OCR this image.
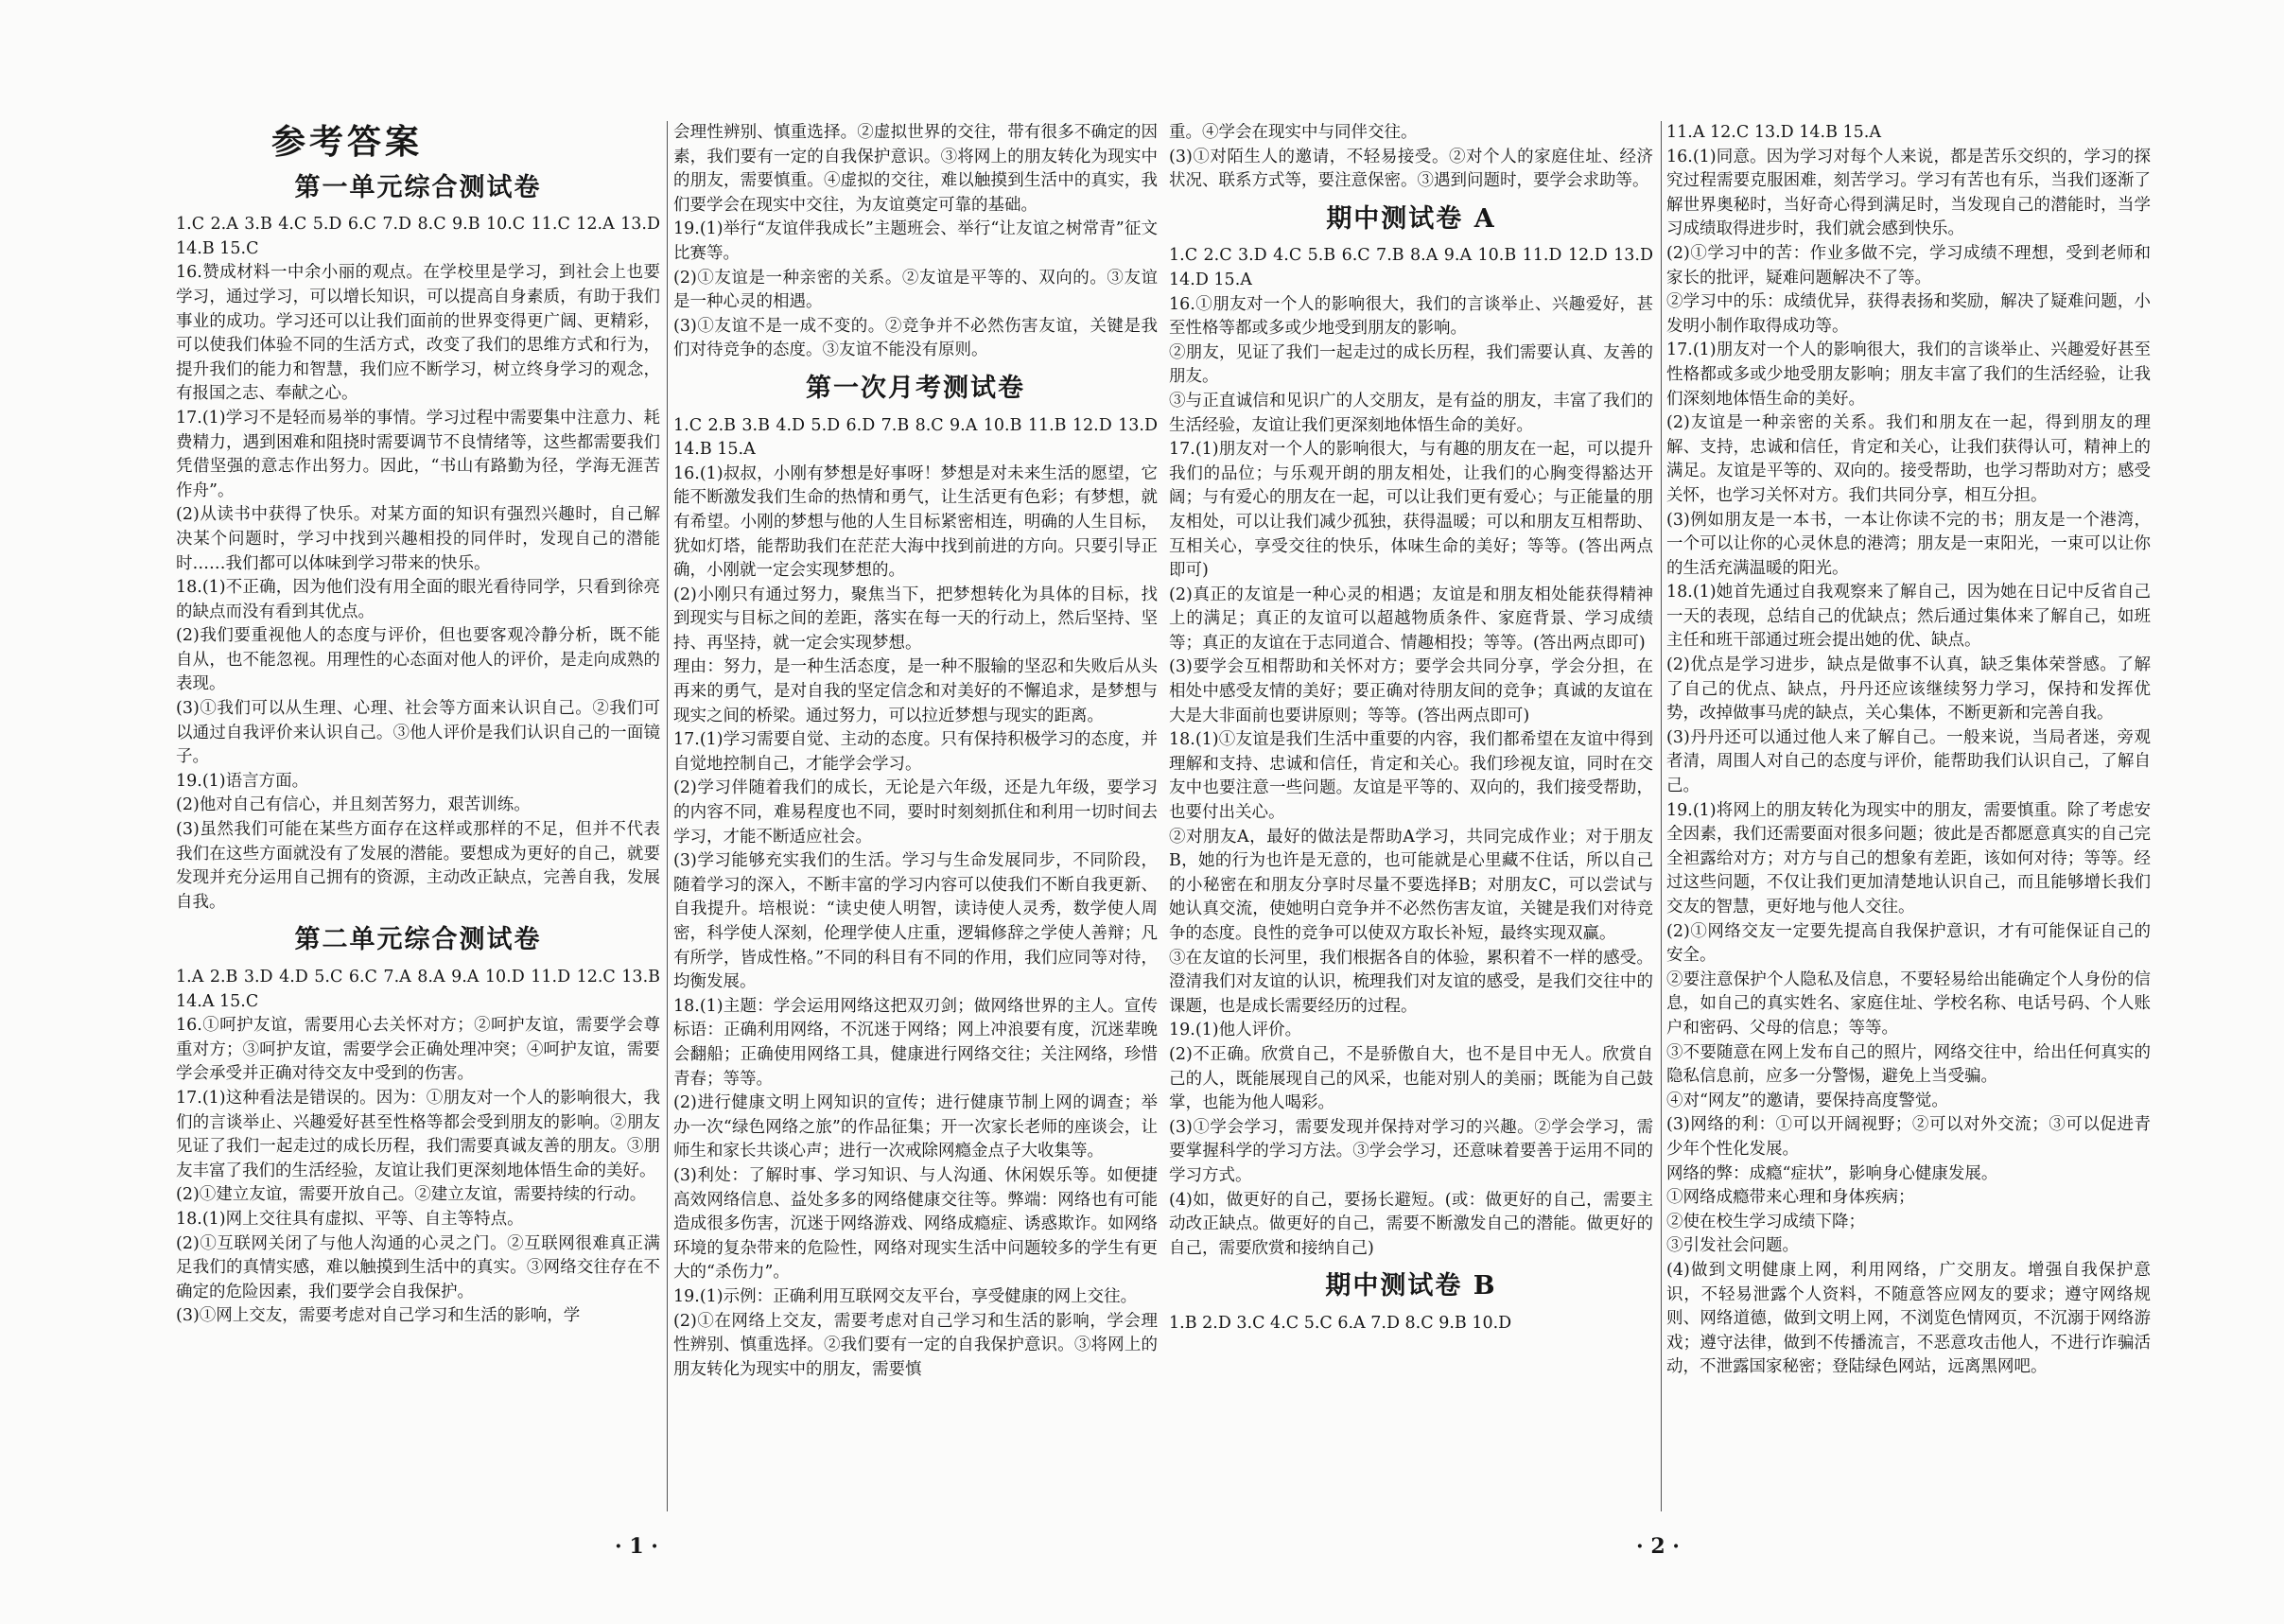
参考答案
第一单元综合测试卷
1.C 2.A 3.B 4.C 5.D 6.C 7.D 8.C 9.B 10.C 11.C 12.A 13.D 14.B 15.C
16.赞成材料一中余小丽的观点。在学校里是学习，到社会上也要学习，通过学习，可以增长知识，可以提高自身素质，有助于我们事业的成功。学习还可以让我们面前的世界变得更广阔、更精彩，可以使我们体验不同的生活方式，改变了我们的思维方式和行为，提升我们的能力和智慧，我们应不断学习，树立终身学习的观念，有报国之志、奉献之心。
17.(1)学习不是轻而易举的事情。学习过程中需要集中注意力、耗费精力，遇到困难和阻挠时需要调节不良情绪等，这些都需要我们凭借坚强的意志作出努力。因此，“书山有路勤为径，学海无涯苦作舟”。
(2)从读书中获得了快乐。对某方面的知识有强烈兴趣时，自己解决某个问题时，学习中找到兴趣相投的同伴时，发现自己的潜能时……我们都可以体味到学习带来的快乐。
18.(1)不正确，因为他们没有用全面的眼光看待同学，只看到徐亮的缺点而没有看到其优点。
(2)我们要重视他人的态度与评价，但也要客观冷静分析，既不能自从，也不能忽视。用理性的心态面对他人的评价，是走向成熟的表现。
(3)①我们可以从生理、心理、社会等方面来认识自己。②我们可以通过自我评价来认识自己。③他人评价是我们认识自己的一面镜子。
19.(1)语言方面。
(2)他对自己有信心，并且刻苦努力，艰苦训练。
(3)虽然我们可能在某些方面存在这样或那样的不足，但并不代表我们在这些方面就没有了发展的潜能。要想成为更好的自己，就要发现并充分运用自己拥有的资源，主动改正缺点，完善自我，发展自我。
第二单元综合测试卷
1.A 2.B 3.D 4.D 5.C 6.C 7.A 8.A 9.A 10.D 11.D 12.C 13.B 14.A 15.C
16.①呵护友谊，需要用心去关怀对方；②呵护友谊，需要学会尊重对方；③呵护友谊，需要学会正确处理冲突；④呵护友谊，需要学会承受并正确对待交友中受到的伤害。
17.(1)这种看法是错误的。因为：①朋友对一个人的影响很大，我们的言谈举止、兴趣爱好甚至性格等都会受到朋友的影响。②朋友见证了我们一起走过的成长历程，我们需要真诚友善的朋友。③朋友丰富了我们的生活经验，友谊让我们更深刻地体悟生命的美好。
(2)①建立友谊，需要开放自己。②建立友谊，需要持续的行动。
18.(1)网上交往具有虚拟、平等、自主等特点。
(2)①互联网关闭了与他人沟通的心灵之门。②互联网很难真正满足我们的真情实感，难以触摸到生活中的真实。③网络交往存在不确定的危险因素，我们要学会自我保护。
(3)①网上交友，需要考虑对自己学习和生活的影响，学
会理性辨别、慎重选择。②虚拟世界的交往，带有很多不确定的因素，我们要有一定的自我保护意识。③将网上的朋友转化为现实中的朋友，需要慎重。④虚拟的交往，难以触摸到生活中的真实，我们要学会在现实中交往，为友谊奠定可靠的基础。
19.(1)举行“友谊伴我成长”主题班会、举行“让友谊之树常青”征文比赛等。
(2)①友谊是一种亲密的关系。②友谊是平等的、双向的。③友谊是一种心灵的相遇。
(3)①友谊不是一成不变的。②竞争并不必然伤害友谊，关键是我们对待竞争的态度。③友谊不能没有原则。
第一次月考测试卷
1.C 2.B 3.B 4.D 5.D 6.D 7.B 8.C 9.A 10.B 11.B 12.D 13.D 14.B 15.A
16.(1)叔叔，小刚有梦想是好事呀！梦想是对未来生活的愿望，它能不断激发我们生命的热情和勇气，让生活更有色彩；有梦想，就有希望。小刚的梦想与他的人生目标紧密相连，明确的人生目标，犹如灯塔，能帮助我们在茫茫大海中找到前进的方向。只要引导正确，小刚就一定会实现梦想的。
(2)小刚只有通过努力，聚焦当下，把梦想转化为具体的目标，找到现实与目标之间的差距，落实在每一天的行动上，然后坚持、坚持、再坚持，就一定会实现梦想。
理由：努力，是一种生活态度，是一种不服输的坚忍和失败后从头再来的勇气，是对自我的坚定信念和对美好的不懈追求，是梦想与现实之间的桥梁。通过努力，可以拉近梦想与现实的距离。
17.(1)学习需要自觉、主动的态度。只有保持积极学习的态度，并自觉地控制自己，才能学会学习。
(2)学习伴随着我们的成长，无论是六年级，还是九年级，要学习的内容不同，难易程度也不同，要时时刻刻抓住和利用一切时间去学习，才能不断适应社会。
(3)学习能够充实我们的生活。学习与生命发展同步，不同阶段，随着学习的深入，不断丰富的学习内容可以使我们不断自我更新、自我提升。培根说：“读史使人明智，读诗使人灵秀，数学使人周密，科学使人深刻，伦理学使人庄重，逻辑修辞之学使人善辩；凡有所学，皆成性格。”不同的科目有不同的作用，我们应同等对待，均衡发展。
18.(1)主题：学会运用网络这把双刃剑；做网络世界的主人。宣传标语：正确利用网络，不沉迷于网络；网上冲浪要有度，沉迷辈晚会翻船；正确使用网络工具，健康进行网络交往；关注网络，珍惜青春；等等。
(2)进行健康文明上网知识的宣传；进行健康节制上网的调查；举办一次“绿色网络之旅”的作品征集；开一次家长老师的座谈会，让师生和家长共谈心声；进行一次戒除网瘾金点子大收集等。
(3)利处：了解时事、学习知识、与人沟通、休闲娱乐等。如便捷高效网络信息、益处多多的网络健康交往等。弊端：网络也有可能造成很多伤害，沉迷于网络游戏、网络成瘾症、诱惑欺诈。如网络环境的复杂带来的危险性，网络对现实生活中问题较多的学生有更大的“杀伤力”。
19.(1)示例：正确利用互联网交友平台，享受健康的网上交往。
(2)①在网络上交友，需要考虑对自己学习和生活的影响，学会理性辨别、慎重选择。②我们要有一定的自我保护意识。③将网上的朋友转化为现实中的朋友，需要慎
重。④学会在现实中与同伴交往。
(3)①对陌生人的邀请，不轻易接受。②对个人的家庭住址、经济状况、联系方式等，要注意保密。③遇到问题时，要学会求助等。
期中测试卷 A
1.C 2.C 3.D 4.C 5.B 6.C 7.B 8.A 9.A 10.B 11.D 12.D 13.D 14.D 15.A
16.①朋友对一个人的影响很大，我们的言谈举止、兴趣爱好，甚至性格等都或多或少地受到朋友的影响。
②朋友，见证了我们一起走过的成长历程，我们需要认真、友善的朋友。
③与正直诚信和见识广的人交朋友，是有益的朋友，丰富了我们的生活经验，友谊让我们更深刻地体悟生命的美好。
17.(1)朋友对一个人的影响很大，与有趣的朋友在一起，可以提升我们的品位；与乐观开朗的朋友相处，让我们的心胸变得豁达开阔；与有爱心的朋友在一起，可以让我们更有爱心；与正能量的朋友相处，可以让我们减少孤独，获得温暖；可以和朋友互相帮助、互相关心，享受交往的快乐，体味生命的美好；等等。(答出两点即可)
(2)真正的友谊是一种心灵的相遇；友谊是和朋友相处能获得精神上的满足；真正的友谊可以超越物质条件、家庭背景、学习成绩等；真正的友谊在于志同道合、情趣相投；等等。(答出两点即可)
(3)要学会互相帮助和关怀对方；要学会共同分享，学会分担，在相处中感受友情的美好；要正确对待朋友间的竞争；真诚的友谊在大是大非面前也要讲原则；等等。(答出两点即可)
18.(1)①友谊是我们生活中重要的内容，我们都希望在友谊中得到理解和支持、忠诚和信任，肯定和关心。我们珍视友谊，同时在交友中也要注意一些问题。友谊是平等的、双向的，我们接受帮助，也要付出关心。
②对朋友A，最好的做法是帮助A学习，共同完成作业；对于朋友B，她的行为也许是无意的，也可能就是心里藏不住话，所以自己的小秘密在和朋友分享时尽量不要选择B；对朋友C，可以尝试与她认真交流，使她明白竞争并不必然伤害友谊，关键是我们对待竞争的态度。良性的竞争可以使双方取长补短，最终实现双赢。
③在友谊的长河里，我们根据各自的体验，累积着不一样的感受。澄清我们对友谊的认识，梳理我们对友谊的感受，是我们交往中的课题，也是成长需要经历的过程。
19.(1)他人评价。
(2)不正确。欣赏自己，不是骄傲自大，也不是目中无人。欣赏自己的人，既能展现自己的风采，也能对别人的美丽；既能为自己鼓掌，也能为他人喝彩。
(3)①学会学习，需要发现并保持对学习的兴趣。②学会学习，需要掌握科学的学习方法。③学会学习，还意味着要善于运用不同的学习方式。
(4)如，做更好的自己，要扬长避短。(或：做更好的自己，需要主动改正缺点。做更好的自己，需要不断激发自己的潜能。做更好的自己，需要欣赏和接纳自己)
期中测试卷 B
1.B 2.D 3.C 4.C 5.C 6.A 7.D 8.C 9.B 10.D
11.A 12.C 13.D 14.B 15.A
16.(1)同意。因为学习对每个人来说，都是苦乐交织的，学习的探究过程需要克服困难，刻苦学习。学习有苦也有乐，当我们逐渐了解世界奥秘时，当好奇心得到满足时，当发现自己的潜能时，当学习成绩取得进步时，我们就会感到快乐。
(2)①学习中的苦：作业多做不完，学习成绩不理想，受到老师和家长的批评，疑难问题解决不了等。
②学习中的乐：成绩优异，获得表扬和奖励，解决了疑难问题，小发明小制作取得成功等。
17.(1)朋友对一个人的影响很大，我们的言谈举止、兴趣爱好甚至性格都或多或少地受朋友影响；朋友丰富了我们的生活经验，让我们深刻地体悟生命的美好。
(2)友谊是一种亲密的关系。我们和朋友在一起，得到朋友的理解、支持，忠诚和信任，肯定和关心，让我们获得认可，精神上的满足。友谊是平等的、双向的。接受帮助，也学习帮助对方；感受关怀，也学习关怀对方。我们共同分享，相互分担。
(3)例如朋友是一本书，一本让你读不完的书；朋友是一个港湾，一个可以让你的心灵休息的港湾；朋友是一束阳光，一束可以让你的生活充满温暖的阳光。
18.(1)她首先通过自我观察来了解自己，因为她在日记中反省自己一天的表现，总结自己的优缺点；然后通过集体来了解自己，如班主任和班干部通过班会提出她的优、缺点。
(2)优点是学习进步，缺点是做事不认真，缺乏集体荣誉感。了解了自己的优点、缺点，丹丹还应该继续努力学习，保持和发挥优势，改掉做事马虎的缺点，关心集体，不断更新和完善自我。
(3)丹丹还可以通过他人来了解自己。一般来说，当局者迷，旁观者清，周围人对自己的态度与评价，能帮助我们认识自己，了解自己。
19.(1)将网上的朋友转化为现实中的朋友，需要慎重。除了考虑安全因素，我们还需要面对很多问题；彼此是否都愿意真实的自己完全袒露给对方；对方与自己的想象有差距，该如何对待；等等。经过这些问题，不仅让我们更加清楚地认识自己，而且能够增长我们交友的智慧，更好地与他人交往。
(2)①网络交友一定要先提高自我保护意识，才有可能保证自己的安全。
②要注意保护个人隐私及信息，不要轻易给出能确定个人身份的信息，如自己的真实姓名、家庭住址、学校名称、电话号码、个人账户和密码、父母的信息；等等。
③不要随意在网上发布自己的照片，网络交往中，给出任何真实的隐私信息前，应多一分警惕，避免上当受骗。
④对“网友”的邀请，要保持高度警觉。
(3)网络的利：①可以开阔视野；②可以对外交流；③可以促进青少年个性化发展。
网络的弊：成瘾“症状”，影响身心健康发展。
①网络成瘾带来心理和身体疾病；
②使在校生学习成绩下降；
③引发社会问题。
(4)做到文明健康上网，利用网络，广交朋友。增强自我保护意识，不轻易泄露个人资料，不随意答应网友的要求；遵守网络规则、网络道德，做到文明上网，不浏览色情网页，不沉溺于网络游戏；遵守法律，做到不传播流言，不恶意攻击他人，不进行诈骗活动，不泄露国家秘密；登陆绿色网站，远离黑网吧。
· 1 ·	· 2 ·
